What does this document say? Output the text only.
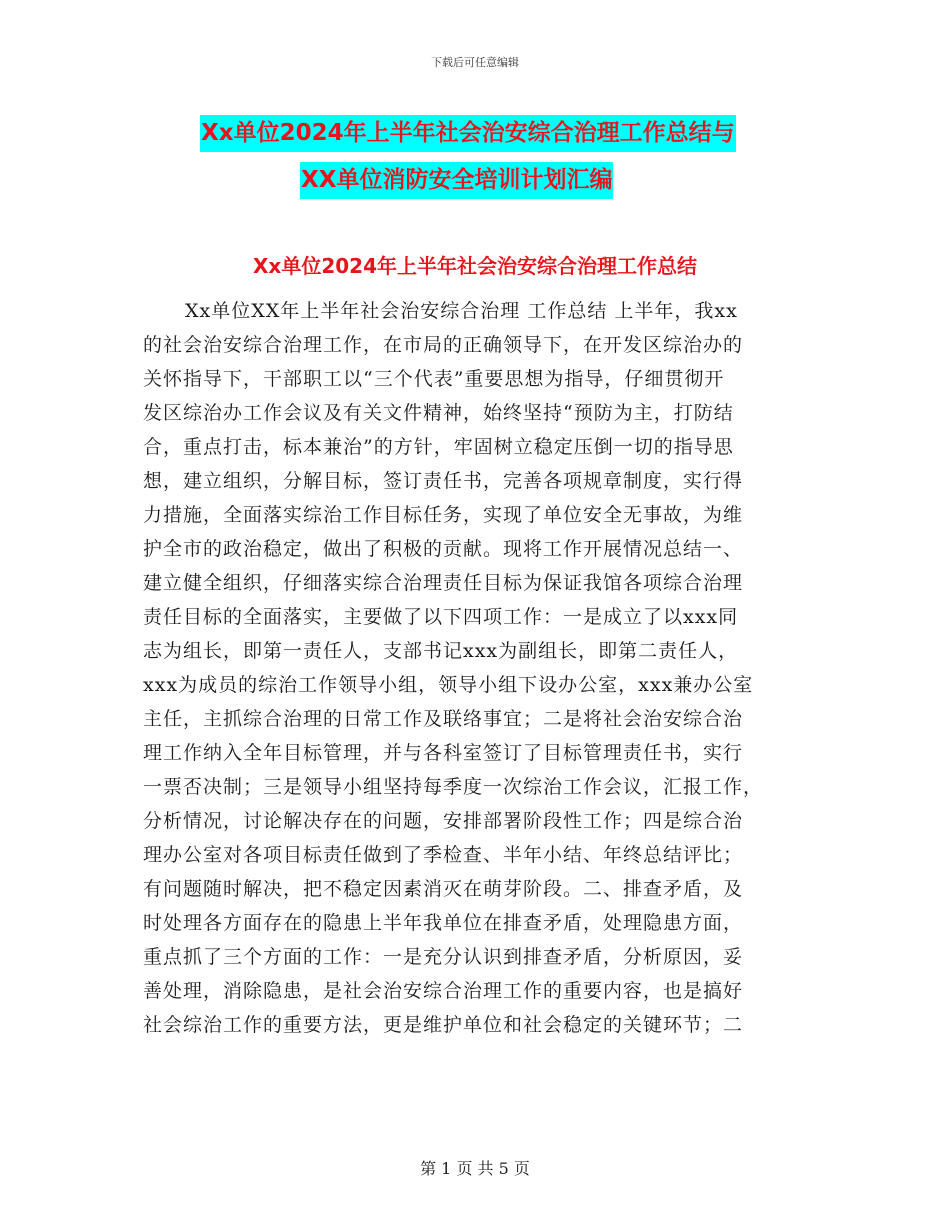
下载后可任意编辑
Xx单位2024年上半年社会治安综合治理工作总结与
XX单位消防安全培训计划汇编
Xx单位2024年上半年社会治安综合治理工作总结
Xx单位XX年上半年社会治安综合治理 工作总结 上半年，我xx
的社会治安综合治理工作，在市局的正确领导下，在开发区综治办的
关怀指导下，干部职工以“三个代表”重要思想为指导，仔细贯彻开
发区综治办工作会议及有关文件精神，始终坚持“预防为主，打防结
合，重点打击，标本兼治”的方针，牢固树立稳定压倒一切的指导思
想，建立组织，分解目标，签订责任书，完善各项规章制度，实行得
力措施，全面落实综治工作目标任务，实现了单位安全无事故，为维
护全市的政治稳定，做出了积极的贡献。现将工作开展情况总结一、
建立健全组织，仔细落实综合治理责任目标为保证我馆各项综合治理
责任目标的全面落实，主要做了以下四项工作：一是成立了以xxx同
志为组长，即第一责任人，支部书记xxx为副组长，即第二责任人，
xxx为成员的综治工作领导小组，领导小组下设办公室，xxx兼办公室
主任，主抓综合治理的日常工作及联络事宜；二是将社会治安综合治
理工作纳入全年目标管理，并与各科室签订了目标管理责任书，实行
一票否决制；三是领导小组坚持每季度一次综治工作会议，汇报工作，
分析情况，讨论解决存在的问题，安排部署阶段性工作；四是综合治
理办公室对各项目标责任做到了季检查、半年小结、年终总结评比；
有问题随时解决，把不稳定因素消灭在萌芽阶段。二、排查矛盾，及
时处理各方面存在的隐患上半年我单位在排查矛盾，处理隐患方面，
重点抓了三个方面的工作：一是充分认识到排查矛盾，分析原因，妥
善处理，消除隐患，是社会治安综合治理工作的重要内容，也是搞好
社会综治工作的重要方法，更是维护单位和社会稳定的关键环节；二
第 1 页 共 5 页
